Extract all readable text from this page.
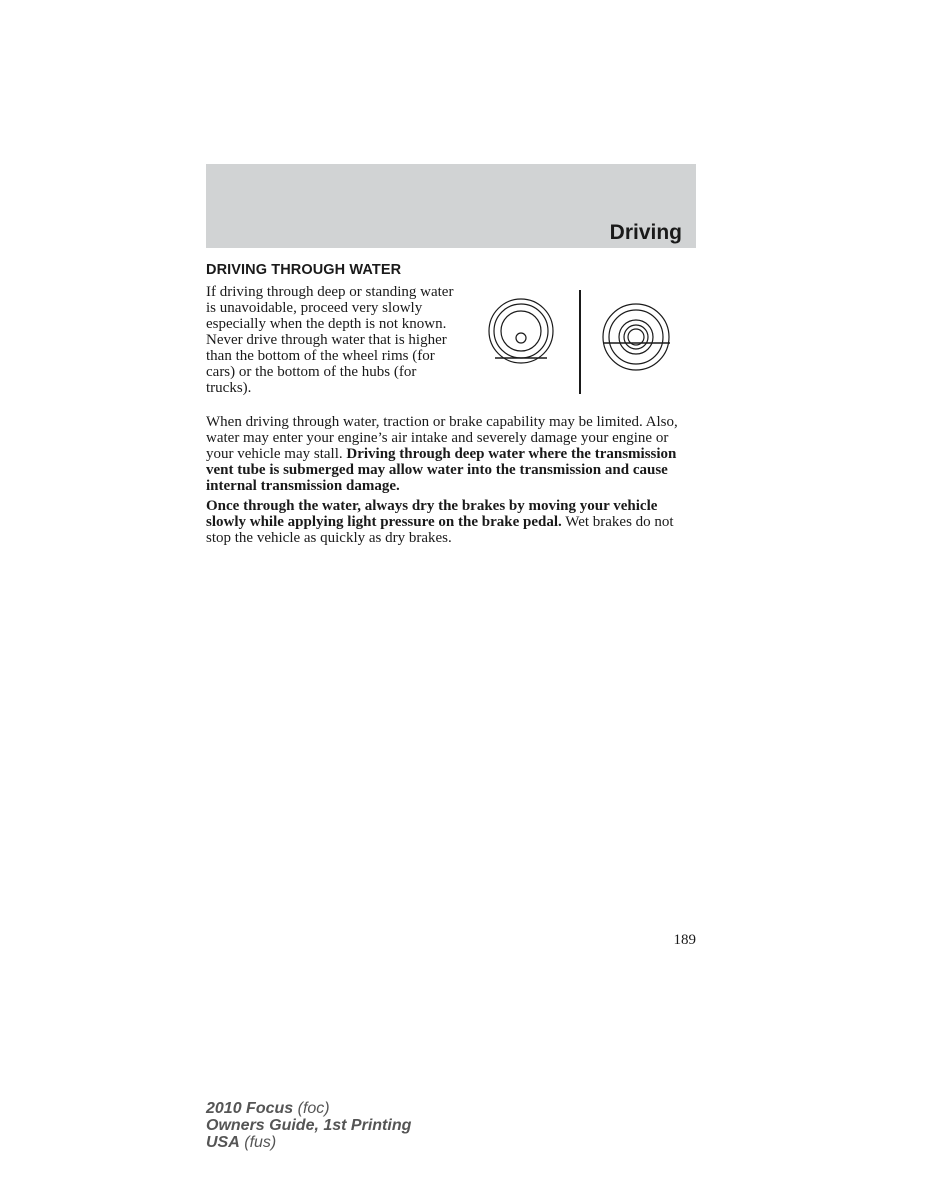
Driving
DRIVING THROUGH WATER

If driving through deep or standing water is unavoidable, proceed very slowly especially when the depth is not known. Never drive through water that is higher than the bottom of the wheel rims (for cars) or the bottom of the hubs (for trucks).

When driving through water, traction or brake capability may be limited. Also, water may enter your engine’s air intake and severely damage your engine or your vehicle may stall. Driving through deep water where the transmission vent tube is submerged may allow water into the transmission and cause internal transmission damage.

Once through the water, always dry the brakes by moving your vehicle slowly while applying light pressure on the brake pedal. Wet brakes do not stop the vehicle as quickly as dry brakes.

189
2010 Focus (foc)
Owners Guide, 1st Printing
USA (fus)
